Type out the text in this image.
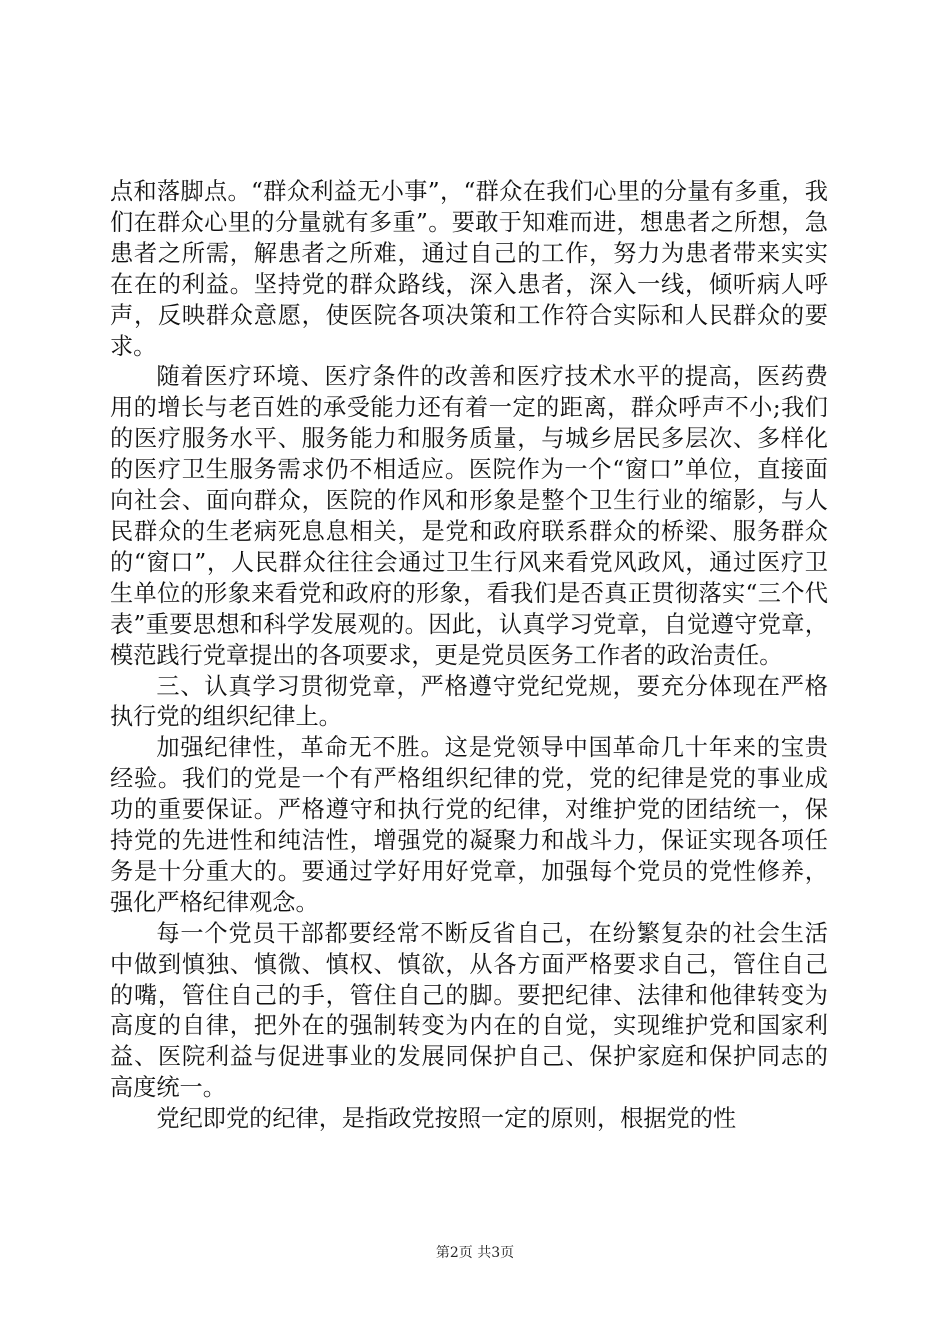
点和落脚点。“群众利益无小事”，“群众在我们心里的分量有多重，我们在群众心里的分量就有多重”。要敢于知难而进，想患者之所想，急患者之所需，解患者之所难，通过自己的工作，努力为患者带来实实在在的利益。坚持党的群众路线，深入患者，深入一线，倾听病人呼声，反映群众意愿，使医院各项决策和工作符合实际和人民群众的要求。

随着医疗环境、医疗条件的改善和医疗技术水平的提高，医药费用的增长与老百姓的承受能力还有着一定的距离，群众呼声不小;我们的医疗服务水平、服务能力和服务质量，与城乡居民多层次、多样化的医疗卫生服务需求仍不相适应。医院作为一个“窗口”单位，直接面向社会、面向群众，医院的作风和形象是整个卫生行业的缩影，与人民群众的生老病死息息相关，是党和政府联系群众的桥梁、服务群众的“窗口”，人民群众往往会通过卫生行风来看党风政风，通过医疗卫生单位的形象来看党和政府的形象，看我们是否真正贯彻落实“三个代表”重要思想和科学发展观的。因此，认真学习党章，自觉遵守党章，模范践行党章提出的各项要求，更是党员医务工作者的政治责任。

三、认真学习贯彻党章，严格遵守党纪党规，要充分体现在严格执行党的组织纪律上。

加强纪律性，革命无不胜。这是党领导中国革命几十年来的宝贵经验。我们的党是一个有严格组织纪律的党，党的纪律是党的事业成功的重要保证。严格遵守和执行党的纪律，对维护党的团结统一，保持党的先进性和纯洁性，增强党的凝聚力和战斗力，保证实现各项任务是十分重大的。要通过学好用好党章，加强每个党员的党性修养，强化严格纪律观念。

每一个党员干部都要经常不断反省自己，在纷繁复杂的社会生活中做到慎独、慎微、慎权、慎欲，从各方面严格要求自己，管住自己的嘴，管住自己的手，管住自己的脚。要把纪律、法律和他律转变为高度的自律，把外在的强制转变为内在的自觉，实现维护党和国家利益、医院利益与促进事业的发展同保护自己、保护家庭和保护同志的高度统一。

党纪即党的纪律，是指政党按照一定的原则，根据党的性

第2页 共3页
